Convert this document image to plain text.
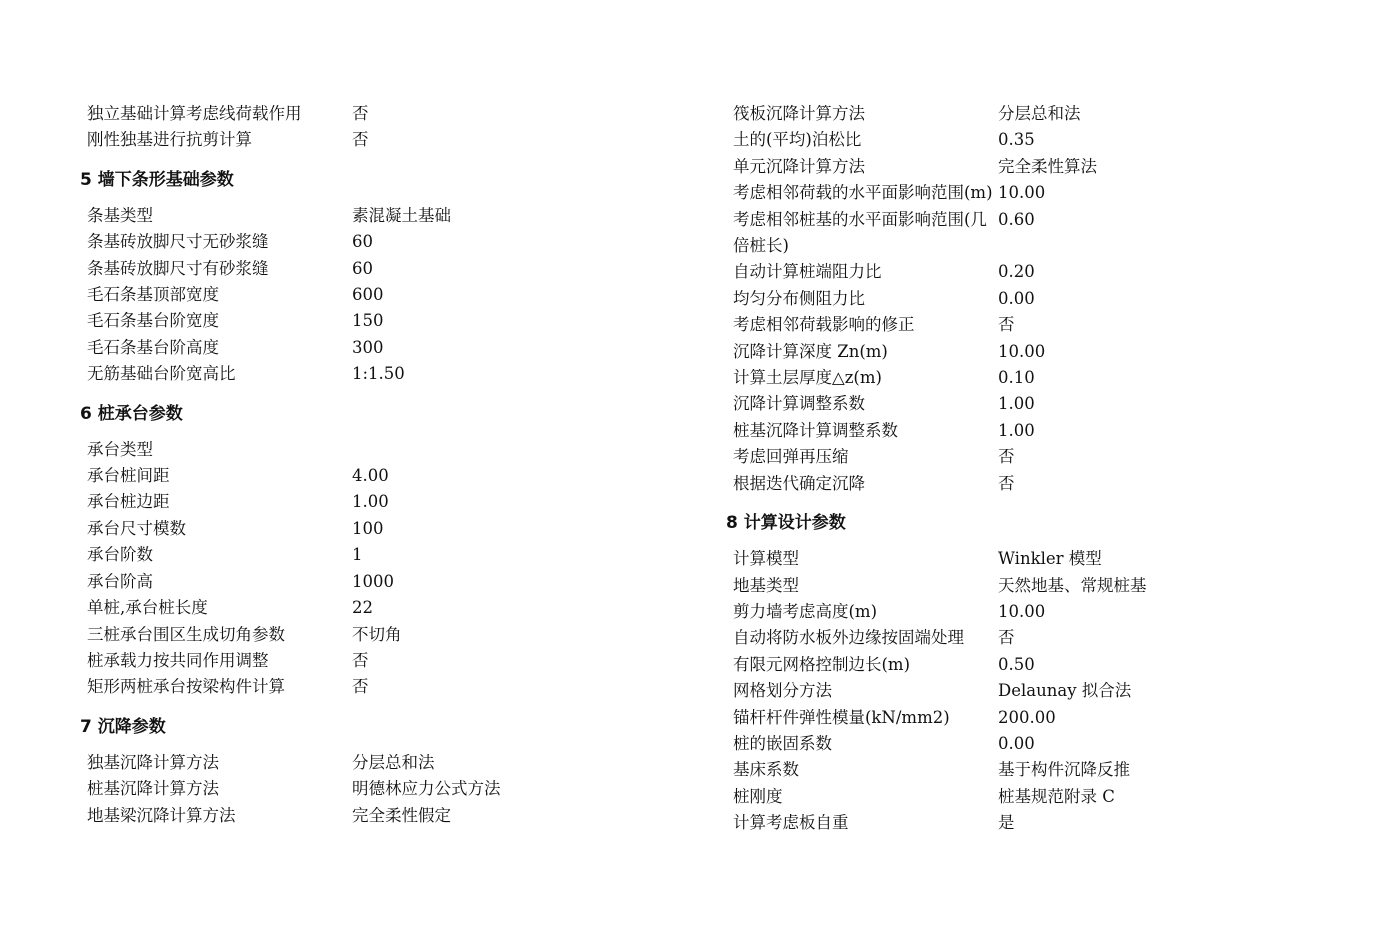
独立基础计算考虑线荷载作用	否
刚性独基进行抗剪计算	否
5 墙下条形基础参数
条基类型	素混凝土基础
条基砖放脚尺寸无砂浆缝	60
条基砖放脚尺寸有砂浆缝	60
毛石条基顶部宽度	600
毛石条基台阶宽度	150
毛石条基台阶高度	300
无筋基础台阶宽高比	1:1.50
6 桩承台参数
承台类型	
承台桩间距	4.00
承台桩边距	1.00
承台尺寸模数	100
承台阶数	1
承台阶高	1000
单桩,承台桩长度	22
三桩承台围区生成切角参数	不切角
桩承载力按共同作用调整	否
矩形两桩承台按梁构件计算	否
7 沉降参数
独基沉降计算方法	分层总和法
桩基沉降计算方法	明德林应力公式方法
地基梁沉降计算方法	完全柔性假定
筏板沉降计算方法	分层总和法
土的(平均)泊松比	0.35
单元沉降计算方法	完全柔性算法
考虑相邻荷载的水平面影响范围(m)	10.00
考虑相邻桩基的水平面影响范围(几倍桩长)	0.60
自动计算桩端阻力比	0.20
均匀分布侧阻力比	0.00
考虑相邻荷载影响的修正	否
沉降计算深度 Zn(m)	10.00
计算土层厚度△z(m)	0.10
沉降计算调整系数	1.00
桩基沉降计算调整系数	1.00
考虑回弹再压缩	否
根据迭代确定沉降	否
8 计算设计参数
计算模型	Winkler 模型
地基类型	天然地基、常规桩基
剪力墙考虑高度(m)	10.00
自动将防水板外边缘按固端处理	否
有限元网格控制边长(m)	0.50
网格划分方法	Delaunay 拟合法
锚杆杆件弹性模量(kN/mm2)	200.00
桩的嵌固系数	0.00
基床系数	基于构件沉降反推
桩刚度	桩基规范附录 C
计算考虑板自重	是
